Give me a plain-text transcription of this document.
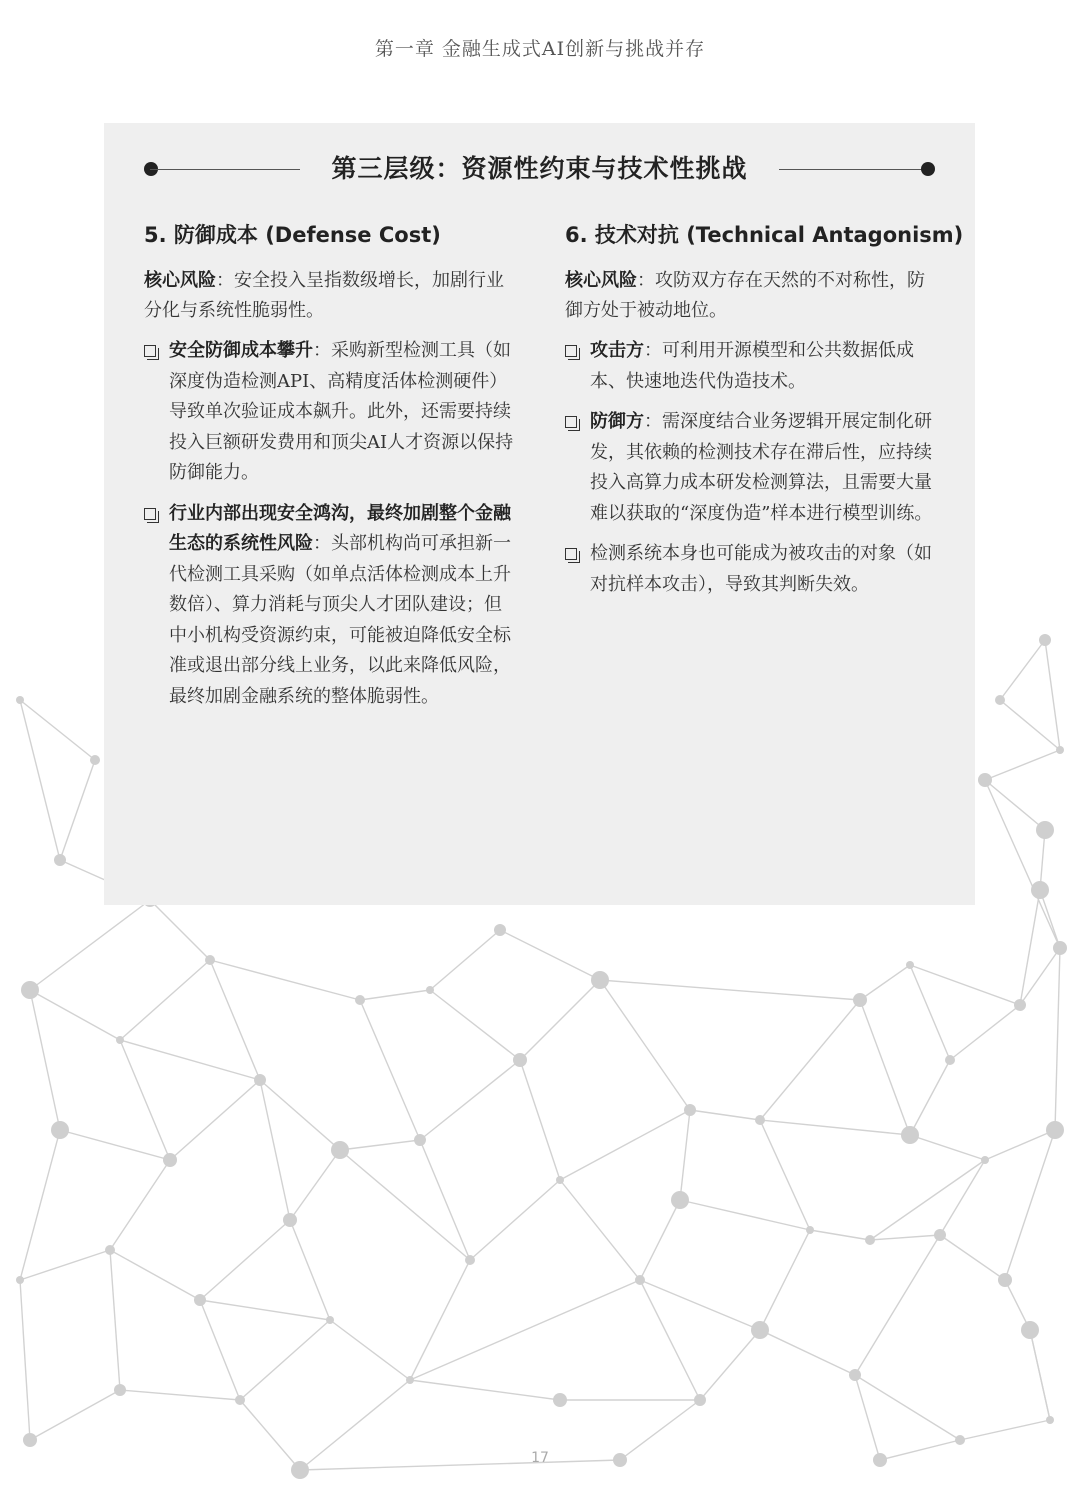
第一章 金融生成式AI创新与挑战并存
第三层级：资源性约束与技术性挑战
5. 防御成本 (Defense Cost)

核心风险：安全投入呈指数级增长，加剧行业分化与系统性脆弱性。

安全防御成本攀升：采购新型检测工具（如深度伪造检测API、高精度活体检测硬件）导致单次验证成本飙升。此外，还需要持续投入巨额研发费用和顶尖AI人才资源以保持防御能力。
行业内部出现安全鸿沟，最终加剧整个金融生态的系统性风险：头部机构尚可承担新一代检测工具采购（如单点活体检测成本上升数倍）、算力消耗与顶尖人才团队建设；但中小机构受资源约束，可能被迫降低安全标准或退出部分线上业务，以此来降低风险，最终加剧金融系统的整体脆弱性。
6. 技术对抗 (Technical Antagonism)

核心风险：攻防双方存在天然的不对称性，防御方处于被动地位。

攻击方：可利用开源模型和公共数据低成本、快速地迭代伪造技术。
防御方：需深度结合业务逻辑开展定制化研发，其依赖的检测技术存在滞后性，应持续投入高算力成本研发检测算法，且需要大量难以获取的“深度伪造”样本进行模型训练。
检测系统本身也可能成为被攻击的对象（如对抗样本攻击），导致其判断失效。
17
